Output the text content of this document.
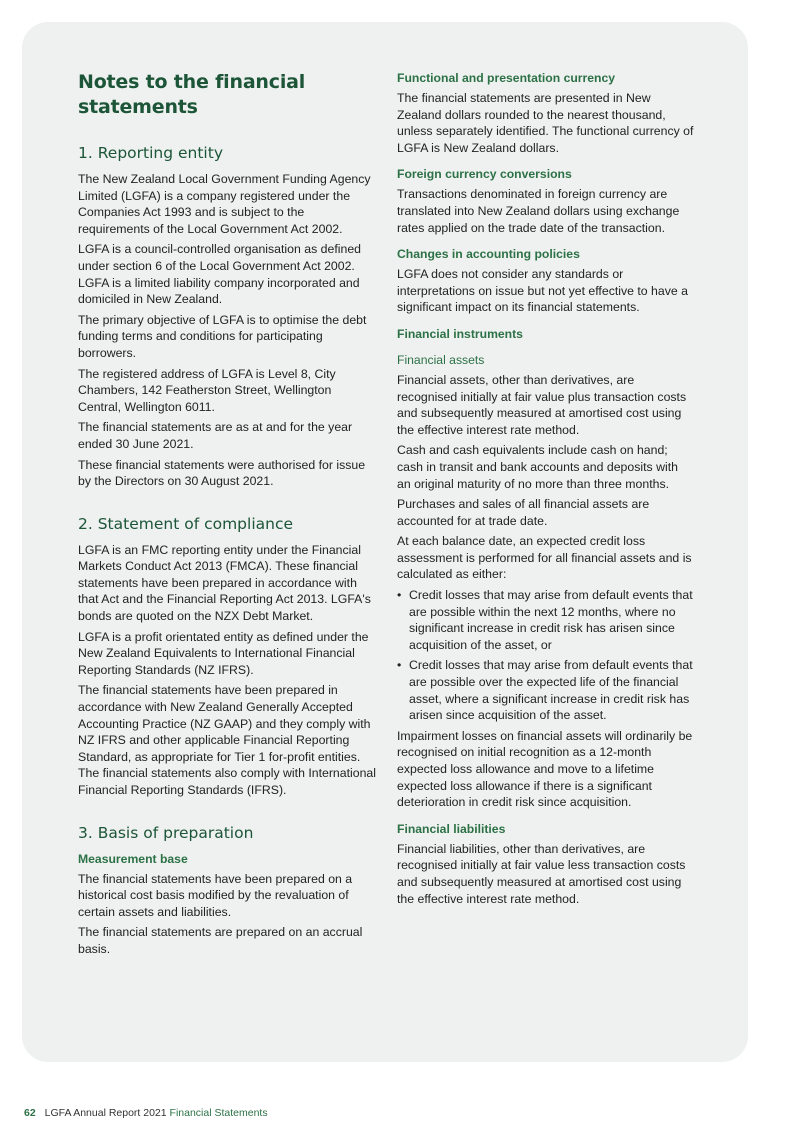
Notes to the financial
statements
1. Reporting entity

The New Zealand Local Government Funding Agency Limited (LGFA) is a company registered under the Companies Act 1993 and is subject to the requirements of the Local Government Act 2002.

LGFA is a council-controlled organisation as defined under section 6 of the Local Government Act 2002. LGFA is a limited liability company incorporated and domiciled in New Zealand.

The primary objective of LGFA is to optimise the debt funding terms and conditions for participating borrowers.

The registered address of LGFA is Level 8, City Chambers, 142 Featherston Street, Wellington Central, Wellington 6011.

The financial statements are as at and for the year ended 30 June 2021.

These financial statements were authorised for issue by the Directors on 30 August 2021.

2. Statement of compliance

LGFA is an FMC reporting entity under the Financial Markets Conduct Act 2013 (FMCA). These financial statements have been prepared in accordance with that Act and the Financial Reporting Act 2013. LGFA's bonds are quoted on the NZX Debt Market.

LGFA is a profit orientated entity as defined under the New Zealand Equivalents to International Financial Reporting Standards (NZ IFRS).

The financial statements have been prepared in accordance with New Zealand Generally Accepted Accounting Practice (NZ GAAP) and they comply with NZ IFRS and other applicable Financial Reporting Standard, as appropriate for Tier 1 for-profit entities. The financial statements also comply with International Financial Reporting Standards (IFRS).

3. Basis of preparation
Measurement base

The financial statements have been prepared on a historical cost basis modified by the revaluation of certain assets and liabilities.

The financial statements are prepared on an accrual basis.

Functional and presentation currency

The financial statements are presented in New Zealand dollars rounded to the nearest thousand, unless separately identified. The functional currency of LGFA is New Zealand dollars.

Foreign currency conversions

Transactions denominated in foreign currency are translated into New Zealand dollars using exchange rates applied on the trade date of the transaction.

Changes in accounting policies

LGFA does not consider any standards or interpretations on issue but not yet effective to have a significant impact on its financial statements.

Financial instruments
Financial assets

Financial assets, other than derivatives, are recognised initially at fair value plus transaction costs and subsequently measured at amortised cost using the effective interest rate method.

Cash and cash equivalents include cash on hand; cash in transit and bank accounts and deposits with an original maturity of no more than three months.

Purchases and sales of all financial assets are accounted for at trade date.

At each balance date, an expected credit loss assessment is performed for all financial assets and is calculated as either:

• Credit losses that may arise from default events that are possible within the next 12 months, where no significant increase in credit risk has arisen since acquisition of the asset, or
• Credit losses that may arise from default events that are possible over the expected life of the financial asset, where a significant increase in credit risk has arisen since acquisition of the asset.

Impairment losses on financial assets will ordinarily be recognised on initial recognition as a 12-month expected loss allowance and move to a lifetime expected loss allowance if there is a significant deterioration in credit risk since acquisition.

Financial liabilities

Financial liabilities, other than derivatives, are recognised initially at fair value less transaction costs and subsequently measured at amortised cost using the effective interest rate method.

62 LGFA Annual Report 2021 Financial Statements
